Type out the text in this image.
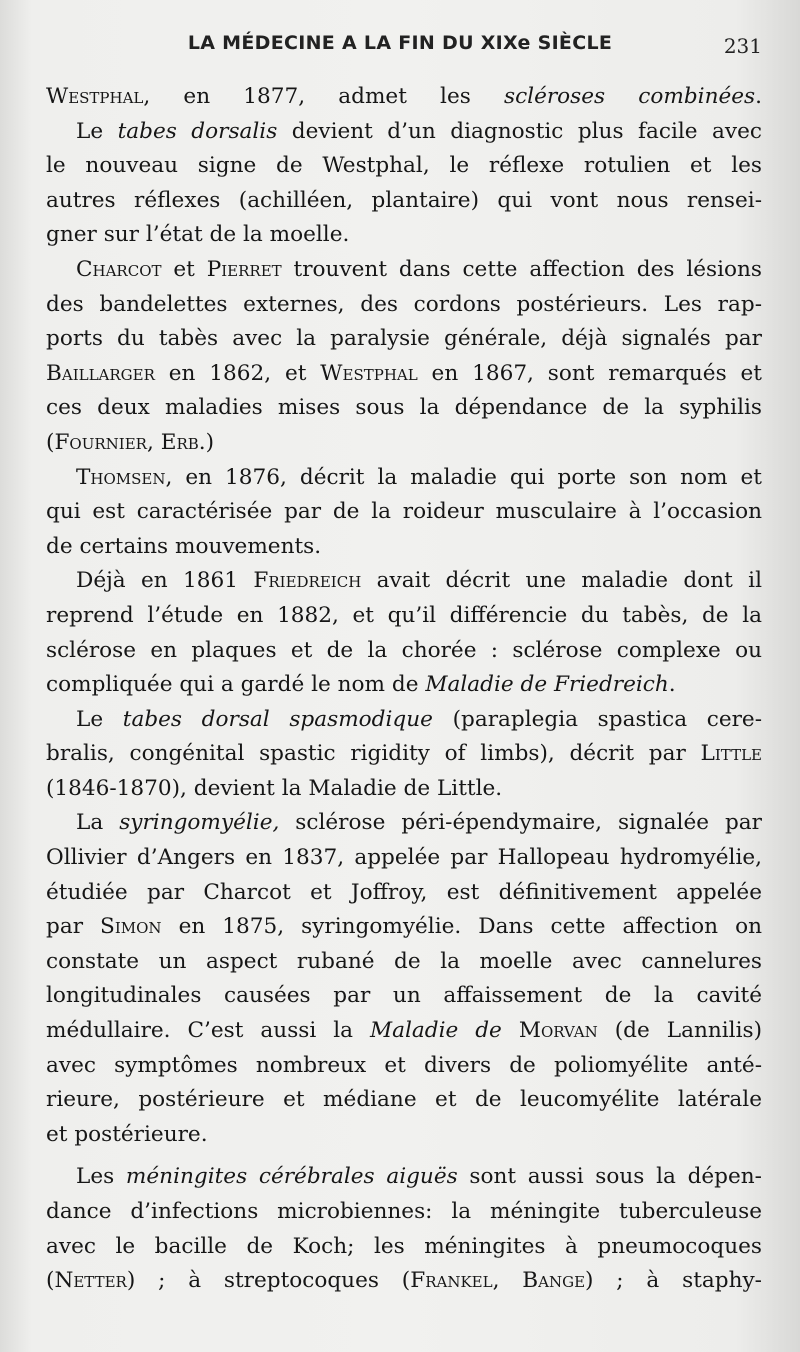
LA MÉDECINE A LA FIN DU XIXe SIÈCLE	231
Westphal, en 1877, admet les scléroses combinées.
Le tabes dorsalis devient d’un diagnostic plus facile avec
le nouveau signe de Westphal, le réflexe rotulien et les
autres réflexes (achilléen, plantaire) qui vont nous rensei-
gner sur l’état de la moelle.
Charcot et Pierret trouvent dans cette affection des lésions
des bandelettes externes, des cordons postérieurs. Les rap-
ports du tabès avec la paralysie générale, déjà signalés par
Baillarger en 1862, et Westphal en 1867, sont remarqués et
ces deux maladies mises sous la dépendance de la syphilis
(Fournier, Erb.)
Thomsen, en 1876, décrit la maladie qui porte son nom et
qui est caractérisée par de la roideur musculaire à l’occasion
de certains mouvements.
Déjà en 1861 Friedreich avait décrit une maladie dont il
reprend l’étude en 1882, et qu’il différencie du tabès, de la
sclérose en plaques et de la chorée : sclérose complexe ou
compliquée qui a gardé le nom de Maladie de Friedreich.
Le tabes dorsal spasmodique (paraplegia spastica cere-
bralis, congénital spastic rigidity of limbs), décrit par Little
(1846-1870), devient la Maladie de Little.
La syringomyélie, sclérose péri-épendymaire, signalée par
Ollivier d’Angers en 1837, appelée par Hallopeau hydromyélie,
étudiée par Charcot et Joffroy, est définitivement appelée
par Simon en 1875, syringomyélie. Dans cette affection on
constate un aspect rubané de la moelle avec cannelures
longitudinales causées par un affaissement de la cavité
médullaire. C’est aussi la Maladie de Morvan (de Lannilis)
avec symptômes nombreux et divers de poliomyélite anté-
rieure, postérieure et médiane et de leucomyélite latérale
et postérieure.
Les méningites cérébrales aiguës sont aussi sous la dépen-
dance d’infections microbiennes: la méningite tuberculeuse
avec le bacille de Koch; les méningites à pneumocoques
(Netter) ; à streptocoques (Frankel, Bange) ; à staphy-
